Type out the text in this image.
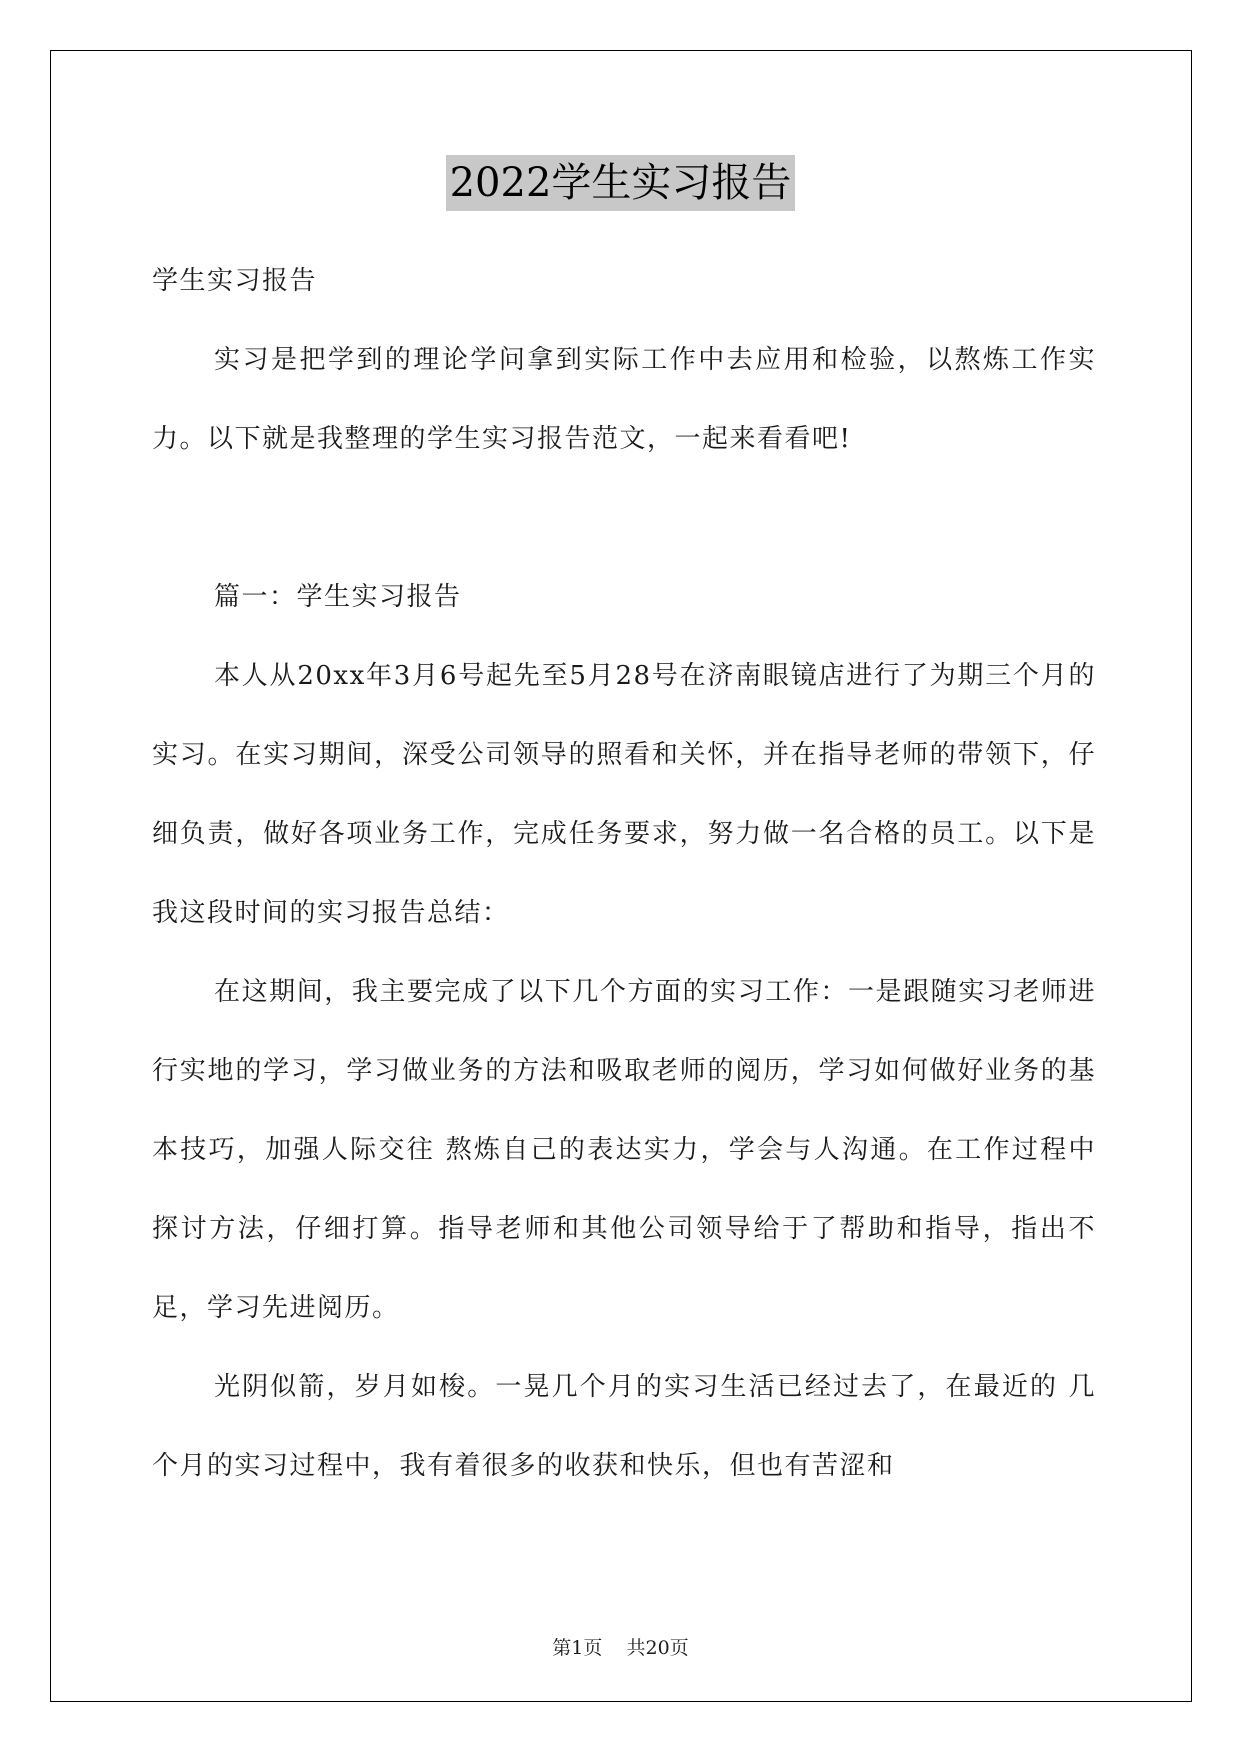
2022学生实习报告

学生实习报告

实习是把学到的理论学问拿到实际工作中去应用和检验，以熬炼工作实力。以下就是我整理的学生实习报告范文，一起来看看吧!

篇一：学生实习报告

本人从20xx年3月6号起先至5月28号在济南眼镜店进行了为期三个月的实习。在实习期间，深受公司领导的照看和关怀，并在指导老师的带领下，仔细负责，做好各项业务工作，完成任务要求，努力做一名合格的员工。以下是我这段时间的实习报告总结：

在这期间，我主要完成了以下几个方面的实习工作：一是跟随实习老师进行实地的学习，学习做业务的方法和吸取老师的阅历，学习如何做好业务的基本技巧，加强人际交往 熬炼自己的表达实力，学会与人沟通。在工作过程中探讨方法，仔细打算。指导老师和其他公司领导给于了帮助和指导，指出不足，学习先进阅历。

光阴似箭，岁月如梭。一晃几个月的实习生活已经过去了，在最近的 几个月的实习过程中，我有着很多的收获和快乐，但也有苦涩和

第1页    共20页
